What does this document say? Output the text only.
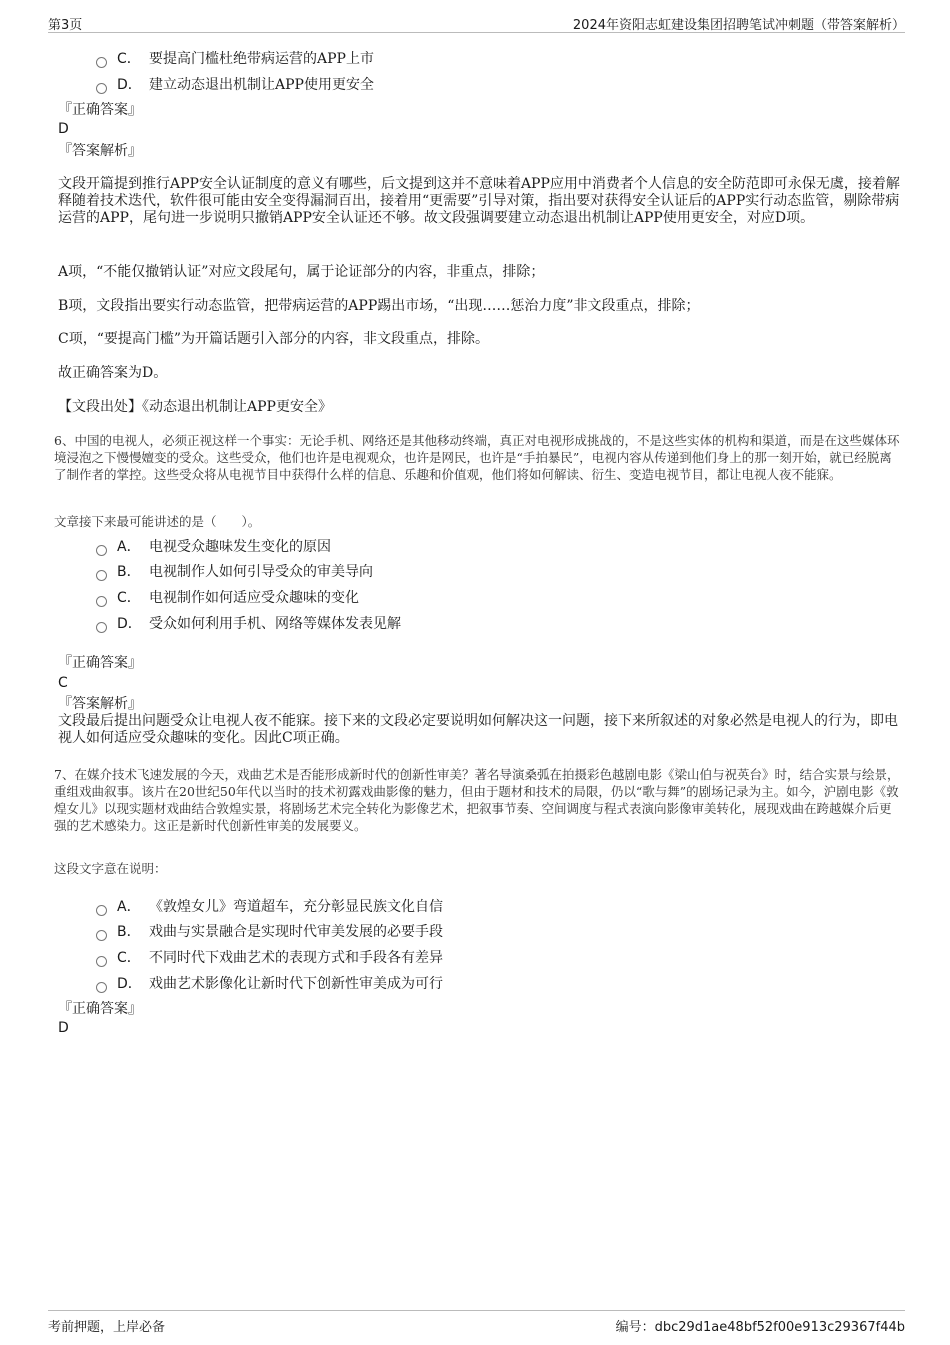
第3页	2024年资阳志虹建设集团招聘笔试冲刺题（带答案解析）
C． 要提高门槛杜绝带病运营的APP上市
D． 建立动态退出机制让APP使用更安全
『正确答案』
D
『答案解析』
文段开篇提到推行APP安全认证制度的意义有哪些，后文提到这并不意味着APP应用中消费者个人信息的安全防范即可永保无虞，接着解释随着技术迭代，软件很可能由安全变得漏洞百出，接着用“更需要”引导对策，指出要对获得安全认证后的APP实行动态监管，剔除带病运营的APP，尾句进一步说明只撤销APP安全认证还不够。故文段强调要建立动态退出机制让APP使用更安全，对应D项。
A项，“不能仅撤销认证”对应文段尾句，属于论证部分的内容，非重点，排除；
B项，文段指出要实行动态监管，把带病运营的APP踢出市场，“出现……惩治力度”非文段重点，排除；
C项，“要提高门槛”为开篇话题引入部分的内容，非文段重点，排除。
故正确答案为D。
【文段出处】《动态退出机制让APP更安全》
6、中国的电视人，必须正视这样一个事实：无论手机、网络还是其他移动终端，真正对电视形成挑战的，不是这些实体的机构和渠道，而是在这些媒体环境浸泡之下慢慢嬗变的受众。这些受众，他们也许是电视观众，也许是网民，也许是“手拍暴民”，电视内容从传递到他们身上的那一刻开始，就已经脱离了制作者的掌控。这些受众将从电视节目中获得什么样的信息、乐趣和价值观，他们将如何解读、衍生、变造电视节目，都让电视人夜不能寐。
文章接下来最可能讲述的是（　　）。
A． 电视受众趣味发生变化的原因
B． 电视制作人如何引导受众的审美导向
C． 电视制作如何适应受众趣味的变化
D． 受众如何利用手机、网络等媒体发表见解
『正确答案』
C
『答案解析』
文段最后提出问题受众让电视人夜不能寐。接下来的文段必定要说明如何解决这一问题，接下来所叙述的对象必然是电视人的行为，即电视人如何适应受众趣味的变化。因此C项正确。
7、在媒介技术飞速发展的今天，戏曲艺术是否能形成新时代的创新性审美？著名导演桑弧在拍摄彩色越剧电影《梁山伯与祝英台》时，结合实景与绘景，重组戏曲叙事。该片在20世纪50年代以当时的技术初露戏曲影像的魅力，但由于题材和技术的局限，仍以“歌与舞”的剧场记录为主。如今，沪剧电影《敦煌女儿》以现实题材戏曲结合敦煌实景，将剧场艺术完全转化为影像艺术，把叙事节奏、空间调度与程式表演向影像审美转化，展现戏曲在跨越媒介后更强的艺术感染力。这正是新时代创新性审美的发展要义。
这段文字意在说明：
A． 《敦煌女儿》弯道超车，充分彰显民族文化自信
B． 戏曲与实景融合是实现时代审美发展的必要手段
C． 不同时代下戏曲艺术的表现方式和手段各有差异
D． 戏曲艺术影像化让新时代下创新性审美成为可行
『正确答案』
D
考前押题，上岸必备	编号：dbc29d1ae48bf52f00e913c29367f44b
